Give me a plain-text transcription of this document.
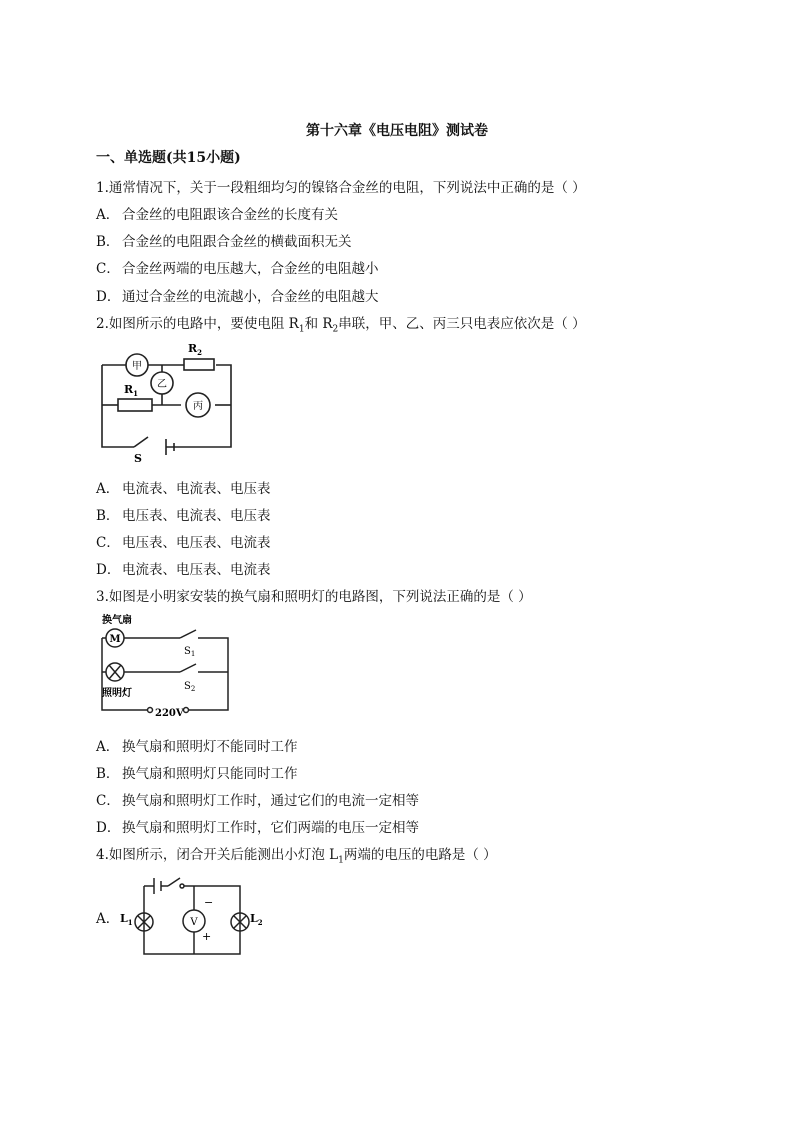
第十六章《电压电阻》测试卷
一、单选题(共15小题)
1.通常情况下，关于一段粗细均匀的镍铬合金丝的电阻，下列说法中正确的是（ ）
A． 合金丝的电阻跟该合金丝的长度有关
B． 合金丝的电阻跟合金丝的横截面积无关
C． 合金丝两端的电压越大，合金丝的电阻越小
D． 通过合金丝的电流越小，合金丝的电阻越大
2.如图所示的电路中，要使电阻 $R_1$和 $R_2$串联，甲、乙、丙三只电表应依次是（ ）
甲
乙
丙
$R_2$
$R_1$
S
A． 电流表、电流表、电压表
B． 电压表、电流表、电压表
C． 电压表、电压表、电流表
D． 电流表、电压表、电流表
3.如图是小明家安装的换气扇和照明灯的电路图，下列说法正确的是（ ）
M
换气扇
照明灯
$S_1$
$S_2$
220V
A． 换气扇和照明灯不能同时工作
B． 换气扇和照明灯只能同时工作
C． 换气扇和照明灯工作时，通过它们的电流一定相等
D． 换气扇和照明灯工作时，它们两端的电压一定相等
4.如图所示，闭合开关后能测出小灯泡 $L_1$两端的电压的电路是（ ）
A．	V
−
+
$L_1$	$L_2$
